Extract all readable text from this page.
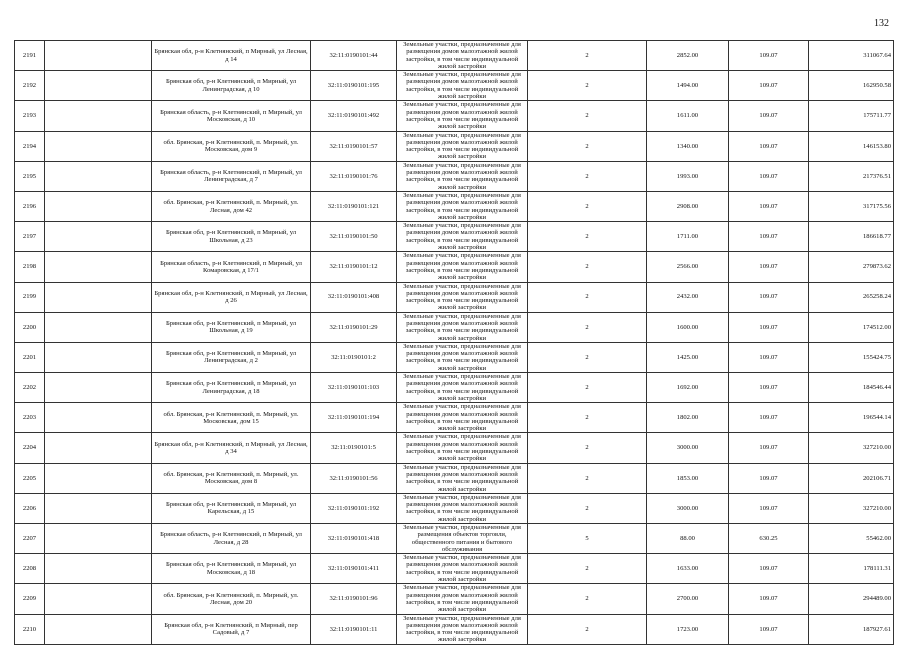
132
2191		Брянская обл, р-н Клетнянский, п Мирный, ул Лесная, д 14	32:11:0190101:44	Земельные участки, предназначенные для размещения домов малоэтажной жилой застройки, в том числе индивидуальной жилой застройки	2	2852.00	109.07	311067.64
2192		Брянская обл, р-н Клетнянский, п Мирный, ул Ленинградская, д 10	32:11:0190101:195	Земельные участки, предназначенные для размещения домов малоэтажной жилой застройки, в том числе индивидуальной жилой застройки	2	1494.00	109.07	162950.58
2193		Брянская область, р-н Клетнянский, п Мирный, ул Московская, д 10	32:11:0190101:492	Земельные участки, предназначенные для размещения домов малоэтажной жилой застройки, в том числе индивидуальной жилой застройки	2	1611.00	109.07	175711.77
2194		обл. Брянская, р-н Клетнянский, п. Мирный, ул. Московская, дом 9	32:11:0190101:57	Земельные участки, предназначенные для размещения домов малоэтажной жилой застройки, в том числе индивидуальной жилой застройки	2	1340.00	109.07	146153.80
2195		Брянская область, р-н Клетнянский, п Мирный, ул Ленинградская, д 7	32:11:0190101:76	Земельные участки, предназначенные для размещения домов малоэтажной жилой застройки, в том числе индивидуальной жилой застройки	2	1993.00	109.07	217376.51
2196		обл. Брянская, р-н Клетнянский, п. Мирный, ул. Лесная, дом 42	32:11:0190101:121	Земельные участки, предназначенные для размещения домов малоэтажной жилой застройки, в том числе индивидуальной жилой застройки	2	2908.00	109.07	317175.56
2197		Брянская обл, р-н Клетнянский, п Мирный, ул Школьная, д 23	32:11:0190101:50	Земельные участки, предназначенные для размещения домов малоэтажной жилой застройки, в том числе индивидуальной жилой застройки	2	1711.00	109.07	186618.77
2198		Брянская область, р-н Клетнянский, п Мирный, ул Комаровская, д 17/1	32:11:0190101:12	Земельные участки, предназначенные для размещения домов малоэтажной жилой застройки, в том числе индивидуальной жилой застройки	2	2566.00	109.07	279873.62
2199		Брянская обл, р-н Клетнянский, п Мирный, ул Лесная, д 26	32:11:0190101:408	Земельные участки, предназначенные для размещения домов малоэтажной жилой застройки, в том числе индивидуальной жилой застройки	2	2432.00	109.07	265258.24
2200		Брянская обл, р-н Клетнянский, п Мирный, ул Школьная, д 19	32:11:0190101:29	Земельные участки, предназначенные для размещения домов малоэтажной жилой застройки, в том числе индивидуальной жилой застройки	2	1600.00	109.07	174512.00
2201		Брянская обл, р-н Клетнянский, п Мирный, ул Ленинградская, д 2	32:11:0190101:2	Земельные участки, предназначенные для размещения домов малоэтажной жилой застройки, в том числе индивидуальной жилой застройки	2	1425.00	109.07	155424.75
2202		Брянская обл, р-н Клетнянский, п Мирный, ул Ленинградская, д 18	32:11:0190101:103	Земельные участки, предназначенные для размещения домов малоэтажной жилой застройки, в том числе индивидуальной жилой застройки	2	1692.00	109.07	184546.44
2203		обл. Брянская, р-н Клетнянский, п. Мирный, ул. Московская, дом 15	32:11:0190101:194	Земельные участки, предназначенные для размещения домов малоэтажной жилой застройки, в том числе индивидуальной жилой застройки	2	1802.00	109.07	196544.14
2204		Брянская обл, р-н Клетнянский, п Мирный, ул Лесная, д 34	32:11:0190101:5	Земельные участки, предназначенные для размещения домов малоэтажной жилой застройки, в том числе индивидуальной жилой застройки	2	3000.00	109.07	327210.00
2205		обл. Брянская, р-н Клетнянский, п. Мирный, ул. Московская, дом 8	32:11:0190101:56	Земельные участки, предназначенные для размещения домов малоэтажной жилой застройки, в том числе индивидуальной жилой застройки	2	1853.00	109.07	202106.71
2206		Брянская обл, р-н Клетнянский, п Мирный, ул Карельская, д 15	32:11:0190101:192	Земельные участки, предназначенные для размещения домов малоэтажной жилой застройки, в том числе индивидуальной жилой застройки	2	3000.00	109.07	327210.00
2207		Брянская область, р-н Клетнянский, п Мирный, ул Лесная, д 28	32:11:0190101:418	Земельные участки, предназначенные для размещения объектов торговли, общественного питания и бытового обслуживания	5	88.00	630.25	55462.00
2208		Брянская обл, р-н Клетнянский, п Мирный, ул Московская, д 18	32:11:0190101:411	Земельные участки, предназначенные для размещения домов малоэтажной жилой застройки, в том числе индивидуальной жилой застройки	2	1633.00	109.07	178111.31
2209		обл. Брянская, р-н Клетнянский, п. Мирный, ул. Лесная, дом 20	32:11:0190101:96	Земельные участки, предназначенные для размещения домов малоэтажной жилой застройки, в том числе индивидуальной жилой застройки	2	2700.00	109.07	294489.00
2210		Брянская обл, р-н Клетнянский, п Мирный, пер Садовый, д 7	32:11:0190101:11	Земельные участки, предназначенные для размещения домов малоэтажной жилой застройки, в том числе индивидуальной жилой застройки	2	1723.00	109.07	187927.61
